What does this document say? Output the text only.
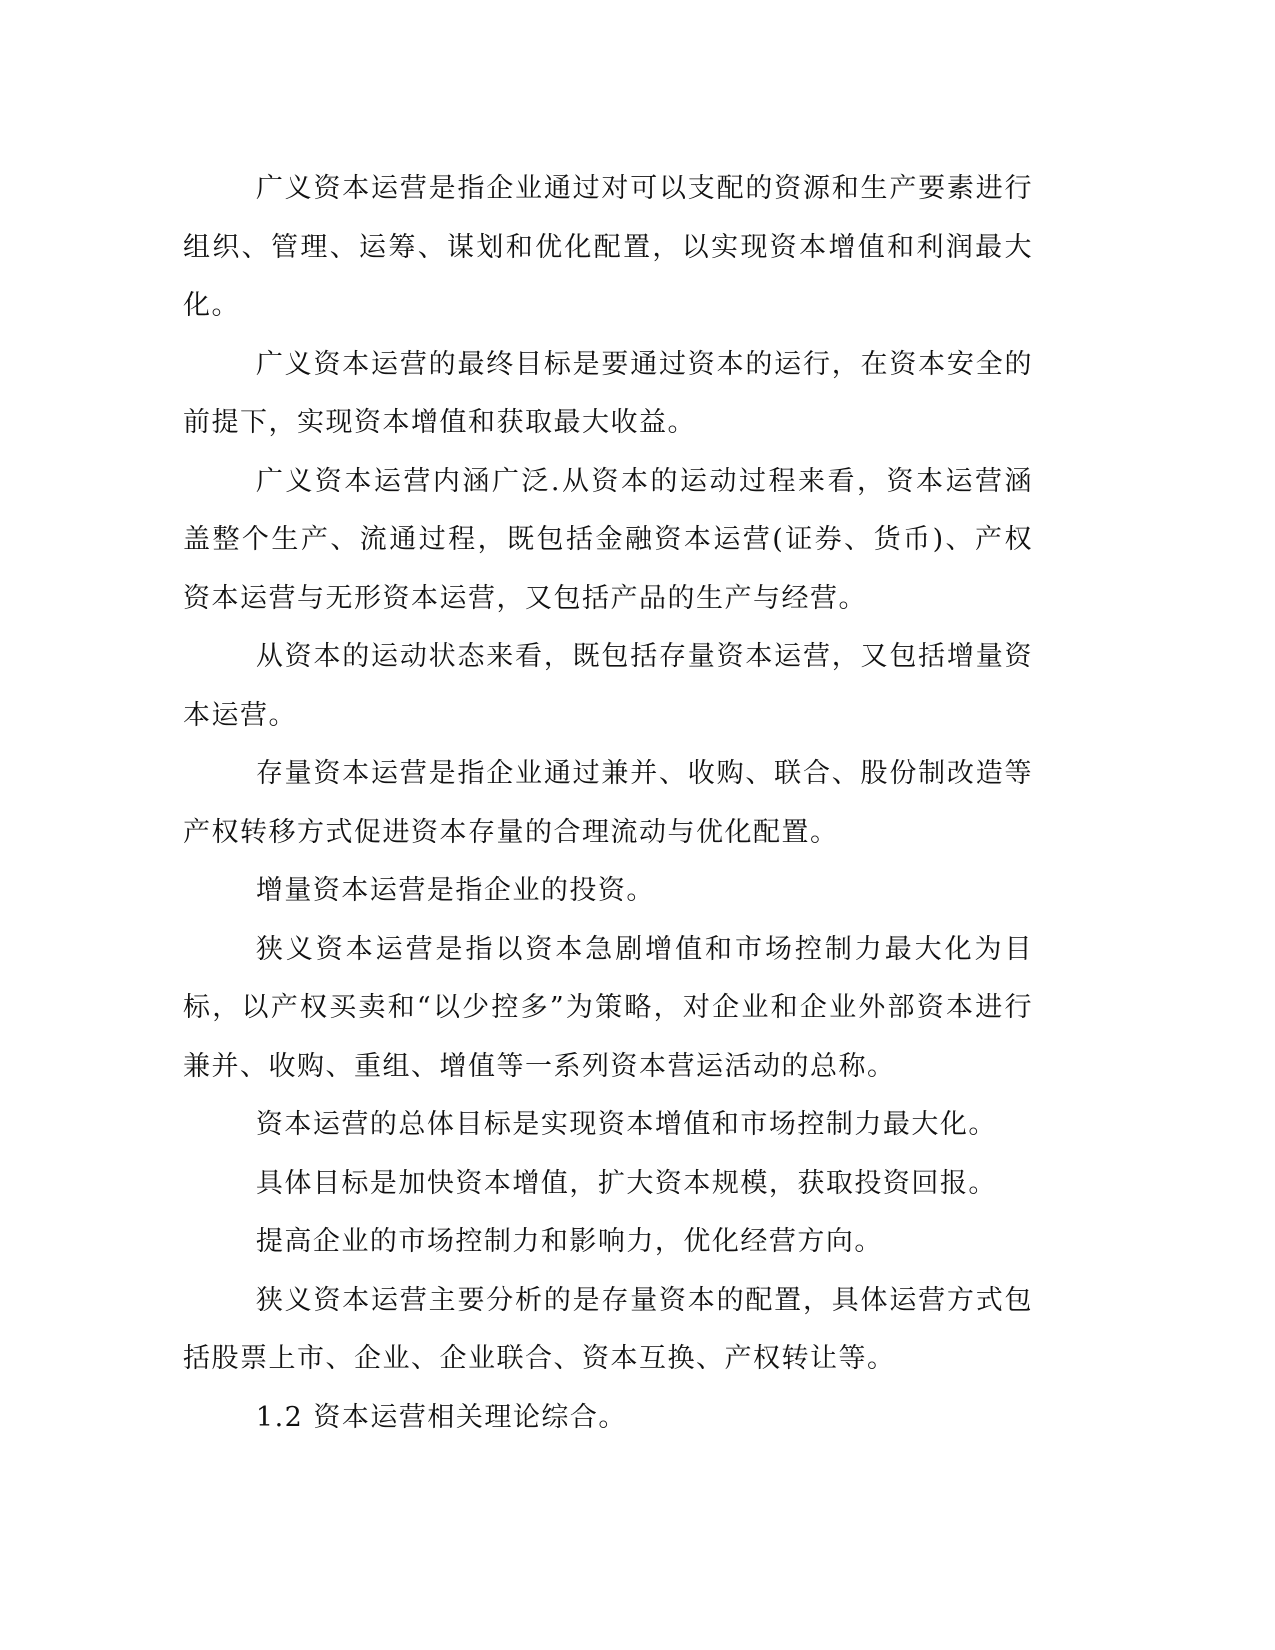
广义资本运营是指企业通过对可以支配的资源和生产要素进行组织、管理、运筹、谋划和优化配置，以实现资本增值和利润最大化。

广义资本运营的最终目标是要通过资本的运行，在资本安全的前提下，实现资本增值和获取最大收益。

广义资本运营内涵广泛.从资本的运动过程来看，资本运营涵盖整个生产、流通过程，既包括金融资本运营(证券、货币)、产权资本运营与无形资本运营，又包括产品的生产与经营。

从资本的运动状态来看，既包括存量资本运营，又包括增量资本运营。

存量资本运营是指企业通过兼并、收购、联合、股份制改造等产权转移方式促进资本存量的合理流动与优化配置。

增量资本运营是指企业的投资。

狭义资本运营是指以资本急剧增值和市场控制力最大化为目标，以产权买卖和“以少控多”为策略，对企业和企业外部资本进行兼并、收购、重组、增值等一系列资本营运活动的总称。

资本运营的总体目标是实现资本增值和市场控制力最大化。

具体目标是加快资本增值，扩大资本规模，获取投资回报。

提高企业的市场控制力和影响力，优化经营方向。

狭义资本运营主要分析的是存量资本的配置，具体运营方式包括股票上市、企业、企业联合、资本互换、产权转让等。

1.2 资本运营相关理论综合。
